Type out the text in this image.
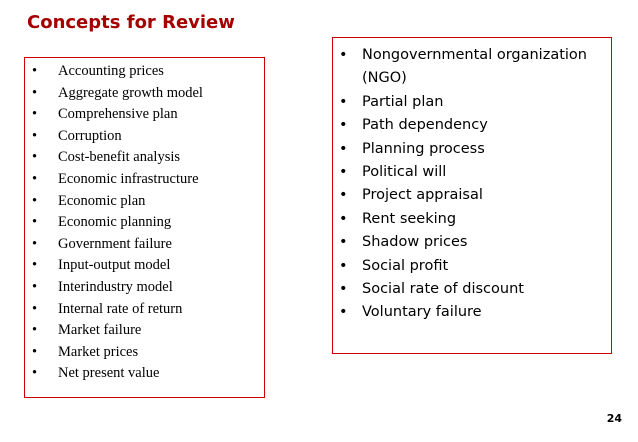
Concepts for Review
• Accounting prices
• Aggregate growth model
• Comprehensive plan
• Corruption
• Cost-benefit analysis
• Economic infrastructure
• Economic plan
• Economic planning
• Government failure
• Input-output model
• Interindustry model
• Internal rate of return
• Market failure
• Market prices
• Net present value
• Nongovernmental organization (NGO)
• Partial plan
• Path dependency
• Planning process
• Political will
• Project appraisal
• Rent seeking
• Shadow prices
• Social profit
• Social rate of discount
• Voluntary failure
24
